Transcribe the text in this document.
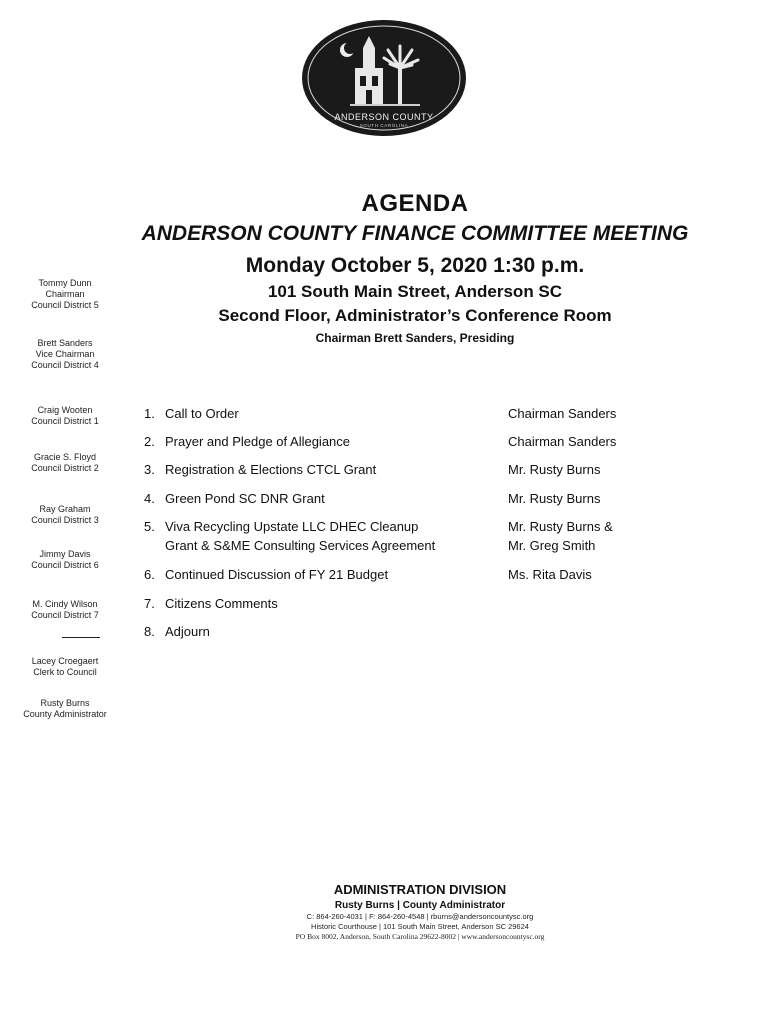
ANDERSON COUNTY
SOUTH CAROLINA
AGENDA
ANDERSON COUNTY FINANCE COMMITTEE MEETING
Monday October 5, 2020 1:30 p.m.
101 South Main Street, Anderson SC
Second Floor, Administrator’s Conference Room
Chairman Brett Sanders, Presiding
Tommy Dunn
Chairman
Council District 5
Brett Sanders
Vice Chairman
Council District 4
Craig Wooten
Council District 1
Gracie S. Floyd
Council District 2
Ray Graham
Council District 3
Jimmy Davis
Council District 6
M. Cindy Wilson
Council District 7
Lacey Croegaert
Clerk to Council
Rusty Burns
County Administrator
1. Call to Order	Chairman Sanders
2. Prayer and Pledge of Allegiance	Chairman Sanders
3. Registration & Elections CTCL Grant	Mr. Rusty Burns
4. Green Pond SC DNR Grant	Mr. Rusty Burns
5. Viva Recycling Upstate LLC DHEC Cleanup	Mr. Rusty Burns &
Grant & S&ME Consulting Services Agreement	Mr. Greg Smith
6. Continued Discussion of FY 21 Budget	Ms. Rita Davis
7. Citizens Comments
8. Adjourn
ADMINISTRATION DIVISION
Rusty Burns | County Administrator
C: 864-260-4031 | F: 864-260-4548 | rburns@andersoncountysc.org
Historic Courthouse | 101 South Main Street, Anderson SC 29624
PO Box 8002, Anderson, South Carolina 29622-8002 | www.andersoncountysc.org
